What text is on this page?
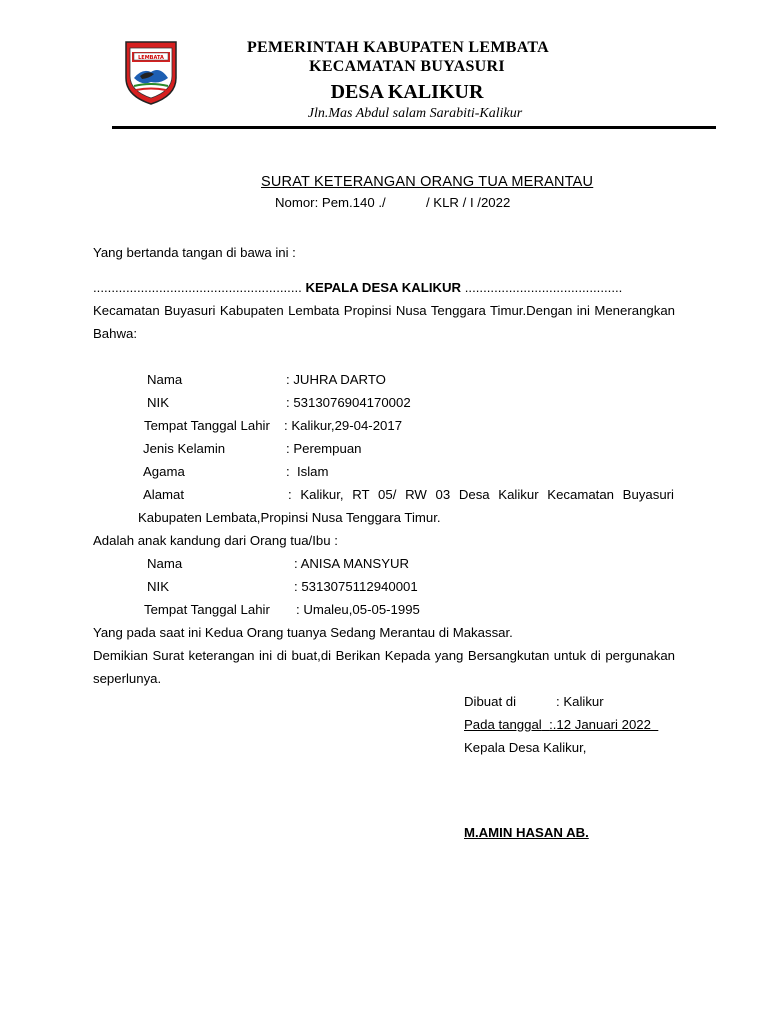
LEMBATA
PEMERINTAH KABUPATEN LEMBATA
KECAMATAN BUYASURI
DESA KALIKUR
Jln.Mas Abdul salam Sarabiti-Kalikur
SURAT KETERANGAN ORANG TUA MERANTAU
Nomor: Pem.140 ./           / KLR / I /2022
Yang bertanda tangan di bawa ini :
......................................................... KEPALA DESA KALIKUR ...........................................
Kecamatan Buyasuri Kabupaten Lembata Propinsi Nusa Tenggara Timur.Dengan ini Menerangkan Bahwa:
Nama	: JUHRA DARTO
NIK	: 5313076904170002
Tempat Tanggal Lahir : Kalikur,29-04-2017
Jenis Kelamin	: Perempuan
Agama	:  Islam
Alamat	: Kalikur, RT 05/ RW 03 Desa Kalikur Kecamatan Buyasuri
Kabupaten Lembata,Propinsi Nusa Tenggara Timur.
Adalah anak kandung dari Orang tua/Ibu :
Nama	: ANISA MANSYUR
NIK	: 5313075112940001
Tempat Tanggal Lahir : Umaleu,05-05-1995
Yang pada saat ini Kedua Orang tuanya Sedang Merantau di Makassar.
Demikian Surat keterangan ini di buat,di Berikan Kepada yang Bersangkutan untuk di pergunakan seperlunya.
Dibuat di	: Kalikur
Pada tanggal :.12 Januari 2022
Kepala Desa Kalikur,
M.AMIN HASAN AB.
